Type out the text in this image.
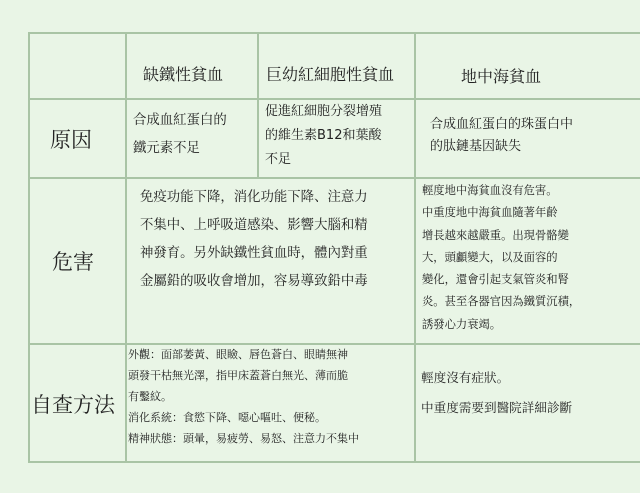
缺鐵性貧血	巨幼紅細胞性貧血	地中海貧血
原因
合成血紅蛋白的
鐵元素不足
促進紅細胞分裂增殖
的維生素B12和葉酸
不足
合成血紅蛋白的珠蛋白中
的肽鏈基因缺失
危害
免疫功能下降，消化功能下降、注意力
不集中、上呼吸道感染、影響大腦和精
神發育。另外缺鐵性貧血時，體內對重
金屬鉛的吸收會增加，容易導致鉛中毒
輕度地中海貧血沒有危害。
中重度地中海貧血隨著年齡
增長越來越嚴重。出現骨骼變
大，頭顱變大，以及面容的
變化，還會引起支氣管炎和腎
炎。甚至各器官因為鐵質沉積，
誘發心力衰竭。
自查方法
外觀：面部萎黃、眼瞼、唇色蒼白、眼睛無神
頭發干枯無光澤，指甲床蓋蒼白無光、薄而脆
有鑿紋。
消化系統：食慾下降、噁心嘔吐、便秘。
精神狀態：頭暈，易疲勞、易怒、注意力不集中
輕度沒有症狀。
中重度需要到醫院詳細診斷
